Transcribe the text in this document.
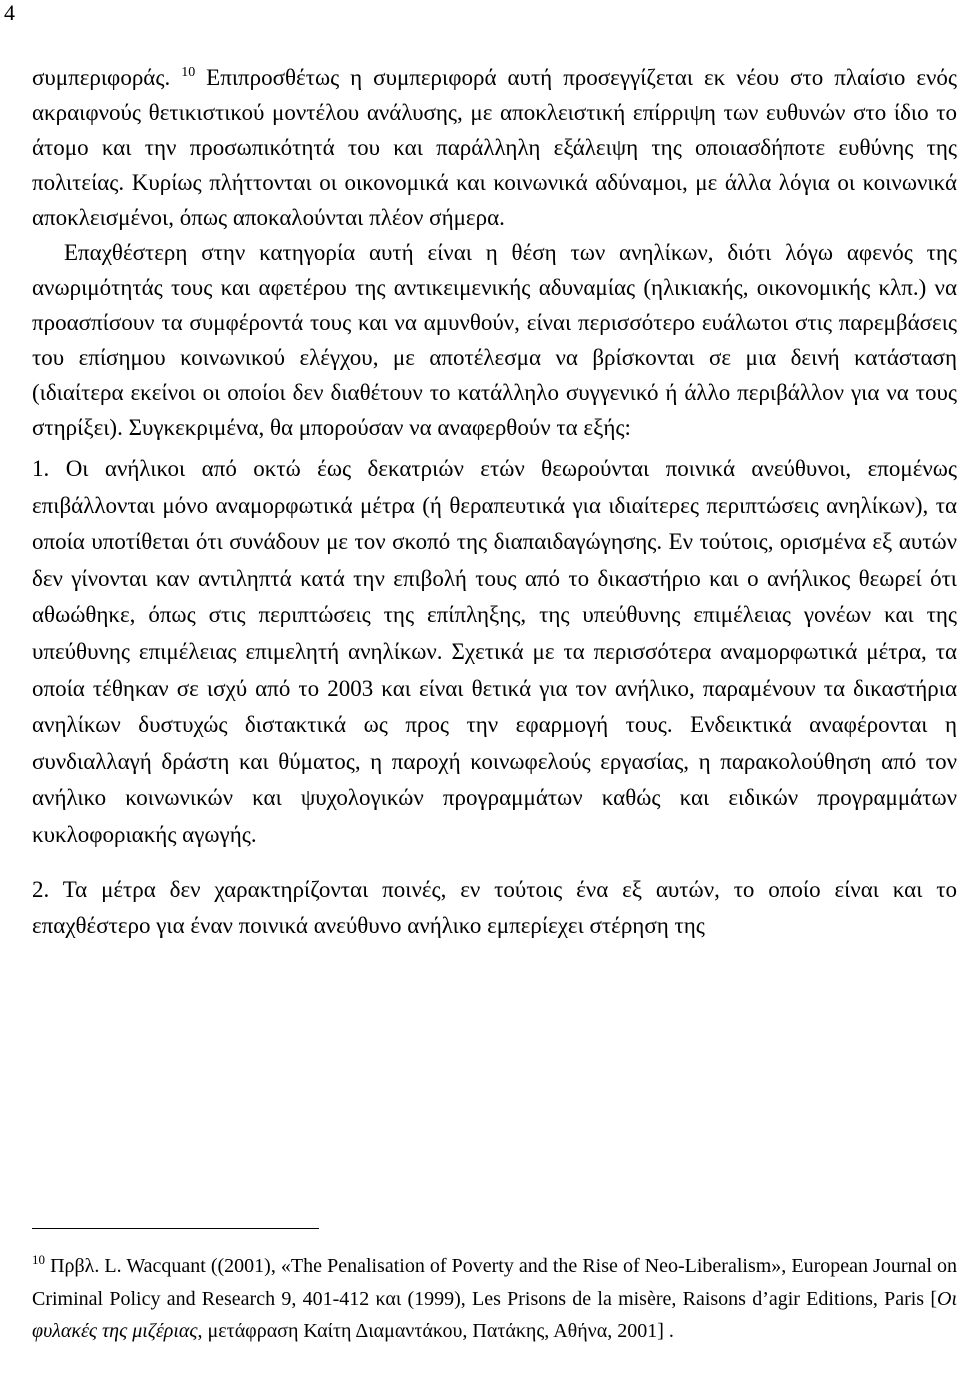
4

συμπεριφοράς. $^{10}$ Επιπροσθέτως η συμπεριφορά αυτή προσεγγίζεται εκ νέου στο πλαίσιο ενός ακραιφνούς θετικιστικού μοντέλου ανάλυσης, με αποκλειστική επίρριψη των ευθυνών στο ίδιο το άτομο και την προσωπικότητά του και παράλληλη εξάλειψη της οποιασδήποτε ευθύνης της πολιτείας. Κυρίως πλήττονται οι οικονομικά και κοινωνικά αδύναμοι, με άλλα λόγια οι κοινωνικά αποκλεισμένοι, όπως αποκαλούνται πλέον σήμερα.

Επαχθέστερη στην κατηγορία αυτή είναι η θέση των ανηλίκων, διότι λόγω αφενός της ανωριμότητάς τους και αφετέρου της αντικειμενικής αδυναμίας (ηλικιακής, οικονομικής κλπ.) να προασπίσουν τα συμφέροντά τους και να αμυνθούν, είναι περισσότερο ευάλωτοι στις παρεμβάσεις του επίσημου κοινωνικού ελέγχου, με αποτέλεσμα να βρίσκονται σε μια δεινή κατάσταση (ιδιαίτερα εκείνοι οι οποίοι δεν διαθέτουν το κατάλληλο συγγενικό ή άλλο περιβάλλον για να τους στηρίξει). Συγκεκριμένα, θα μπορούσαν να αναφερθούν τα εξής:

1. Οι ανήλικοι από οκτώ έως δεκατριών ετών θεωρούνται ποινικά ανεύθυνοι, επομένως επιβάλλονται μόνο αναμορφωτικά μέτρα (ή θεραπευτικά για ιδιαίτερες περιπτώσεις ανηλίκων), τα οποία υποτίθεται ότι συνάδουν με τον σκοπό της διαπαιδαγώγησης. Εν τούτοις, ορισμένα εξ αυτών δεν γίνονται καν αντιληπτά κατά την επιβολή τους από το δικαστήριο και ο ανήλικος θεωρεί ότι αθωώθηκε, όπως στις περιπτώσεις της επίπληξης, της υπεύθυνης επιμέλειας γονέων και της υπεύθυνης επιμέλειας επιμελητή ανηλίκων. Σχετικά με τα περισσότερα αναμορφωτικά μέτρα, τα οποία τέθηκαν σε ισχύ από το 2003 και είναι θετικά για τον ανήλικο, παραμένουν τα δικαστήρια ανηλίκων δυστυχώς διστακτικά ως προς την εφαρμογή τους. Ενδεικτικά αναφέρονται η συνδιαλλαγή δράστη και θύματος, η παροχή κοινωφελούς εργασίας, η παρακολούθηση από τον ανήλικο κοινωνικών και ψυχολογικών προγραμμάτων καθώς και ειδικών προγραμμάτων κυκλοφοριακής αγωγής.

2. Τα μέτρα δεν χαρακτηρίζονται ποινές, εν τούτοις ένα εξ αυτών, το οποίο είναι και το επαχθέστερο για έναν ποινικά ανεύθυνο ανήλικο εμπερίεχει στέρηση της

$^{10}$ Πρβλ. L. Wacquant ((2001), «The Penalisation of Poverty and the Rise of Neo-Liberalism», European Journal on Criminal Policy and Research 9, 401-412 και (1999), Les Prisons de la misère, Raisons d’agir Editions, Paris [Οι φυλακές της μιζέριας, μετάφραση Καίτη Διαμαντάκου, Πατάκης, Αθήνα, 2001] .
